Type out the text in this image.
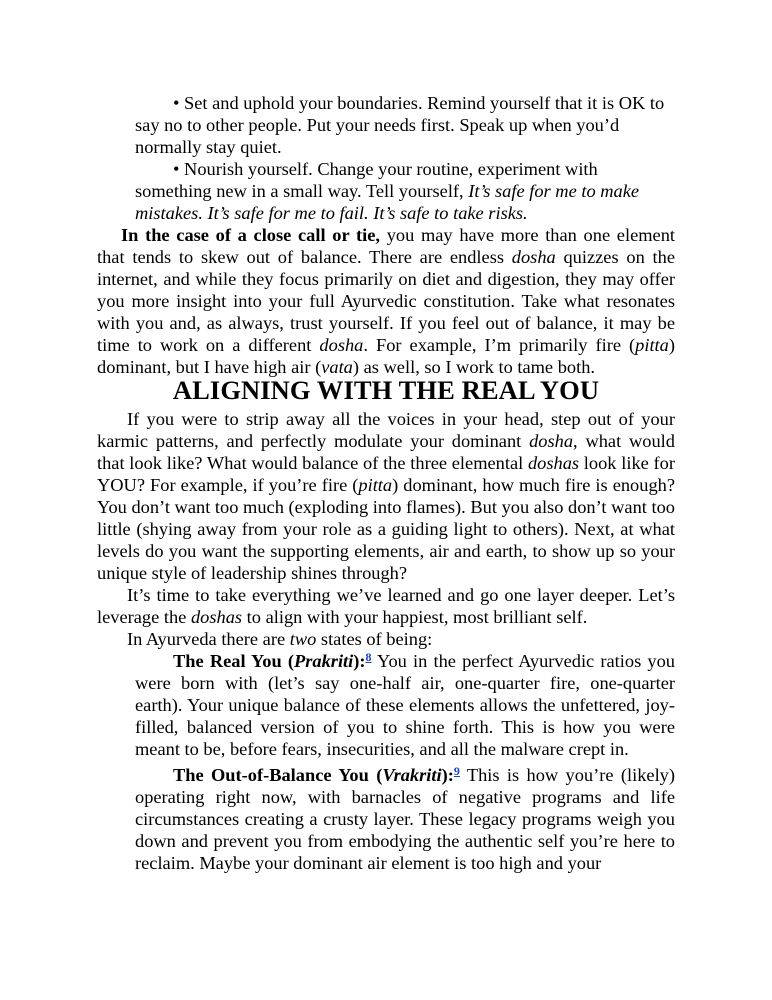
• Set and uphold your boundaries. Remind yourself that it is OK to say no to other people. Put your needs first. Speak up when you’d normally stay quiet.

• Nourish yourself. Change your routine, experiment with something new in a small way. Tell yourself, It’s safe for me to make mistakes. It’s safe for me to fail. It’s safe to take risks.

In the case of a close call or tie, you may have more than one element that tends to skew out of balance. There are endless dosha quizzes on the internet, and while they focus primarily on diet and digestion, they may offer you more insight into your full Ayurvedic constitution. Take what resonates with you and, as always, trust yourself. If you feel out of balance, it may be time to work on a different dosha. For example, I’m primarily fire (pitta) dominant, but I have high air (vata) as well, so I work to tame both.

ALIGNING WITH THE REAL YOU

If you were to strip away all the voices in your head, step out of your karmic patterns, and perfectly modulate your dominant dosha, what would that look like? What would balance of the three elemental doshas look like for YOU? For example, if you’re fire (pitta) dominant, how much fire is enough? You don’t want too much (exploding into flames). But you also don’t want too little (shying away from your role as a guiding light to others). Next, at what levels do you want the supporting elements, air and earth, to show up so your unique style of leadership shines through?

It’s time to take everything we’ve learned and go one layer deeper. Let’s leverage the doshas to align with your happiest, most brilliant self.

In Ayurveda there are two states of being:

The Real You (Prakriti):$^8$ You in the perfect Ayurvedic ratios you were born with (let’s say one-half air, one-quarter fire, one-quarter earth). Your unique balance of these elements allows the unfettered, joy-filled, balanced version of you to shine forth. This is how you were meant to be, before fears, insecurities, and all the malware crept in.

The Out-of-Balance You (Vrakriti):$^9$ This is how you’re (likely) operating right now, with barnacles of negative programs and life circumstances creating a crusty layer. These legacy programs weigh you down and prevent you from embodying the authentic self you’re here to reclaim. Maybe your dominant air element is too high and your
